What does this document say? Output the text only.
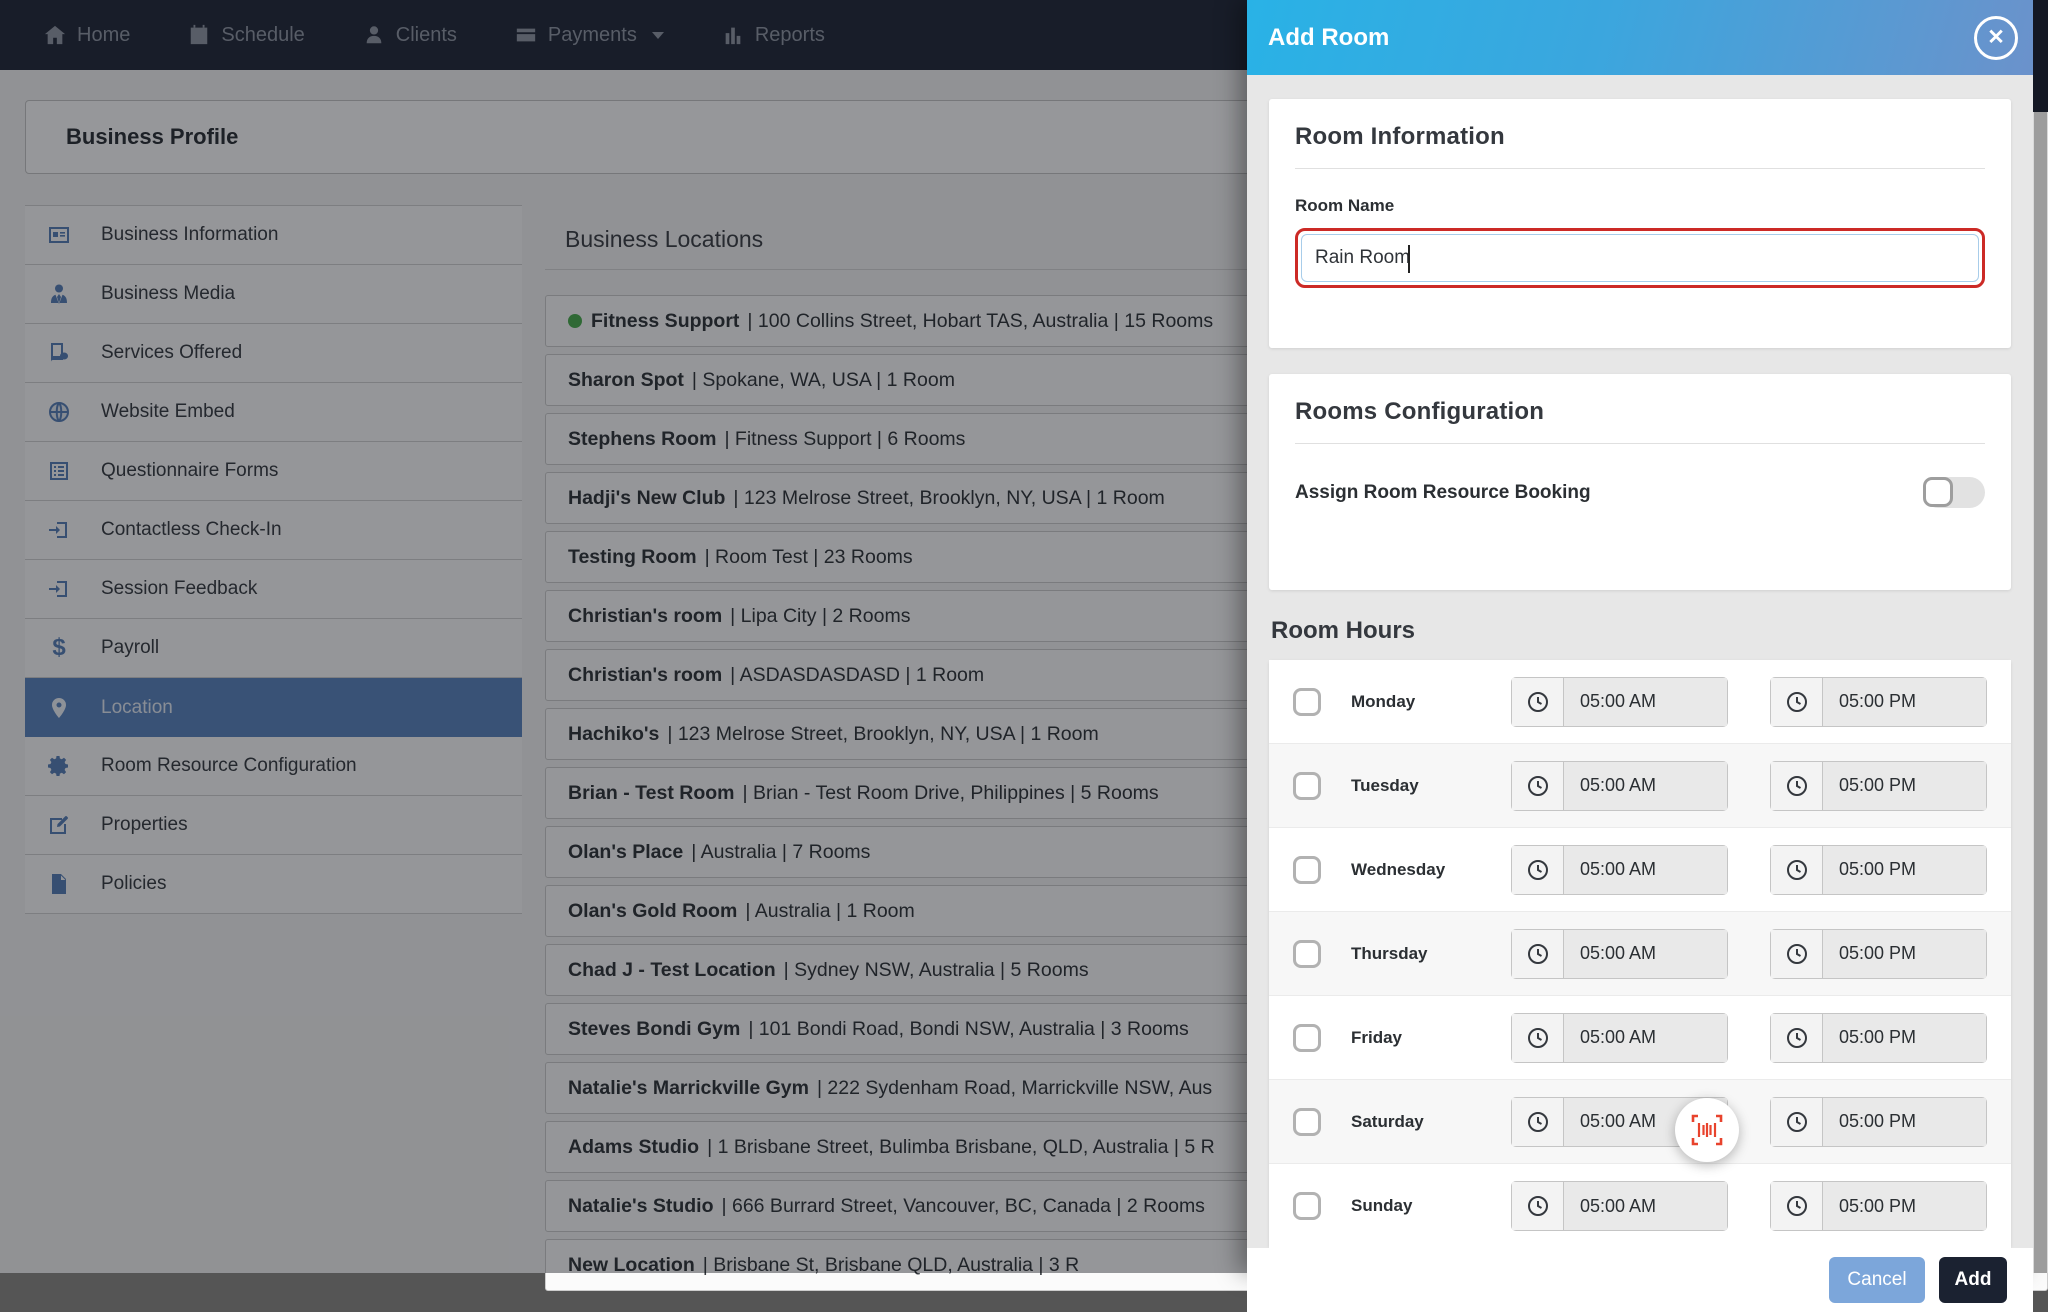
Home	Schedule	Clients	Payments	Reports
Business Profile
Business Information
Business Media
Services Offered
Website Embed
Questionnaire Forms
Contactless Check-In
Session Feedback
$	Payroll
Location
Room Resource Configuration
Properties
Policies
Business Locations
Fitness Support | 100 Collins Street, Hobart TAS, Australia | 15 Rooms
Sharon Spot | Spokane, WA, USA | 1 Room
Stephens Room | Fitness Support | 6 Rooms
Hadji's New Club | 123 Melrose Street, Brooklyn, NY, USA | 1 Room
Testing Room | Room Test | 23 Rooms
Christian's room | Lipa City | 2 Rooms
Christian's room | ASDASDASDASD | 1 Room
Hachiko's | 123 Melrose Street, Brooklyn, NY, USA | 1 Room
Brian - Test Room | Brian - Test Room Drive, Philippines | 5 Rooms
Olan's Place | Australia | 7 Rooms
Olan's Gold Room | Australia | 1 Room
Chad J - Test Location | Sydney NSW, Australia | 5 Rooms
Steves Bondi Gym | 101 Bondi Road, Bondi NSW, Australia | 3 Rooms
Natalie's Marrickville Gym | 222 Sydenham Road, Marrickville NSW, Aus
Adams Studio | 1 Brisbane Street, Bulimba Brisbane, QLD, Australia | 5 R
Natalie's Studio | 666 Burrard Street, Vancouver, BC, Canada | 2 Rooms
New Location | Brisbane St, Brisbane QLD, Australia | 3 R
Add Room	✕
Room Information
Room Name
Rain Room
Rooms Configuration
Assign Room Resource Booking
Room Hours
Monday	05:00 AM	05:00 PM
Tuesday	05:00 AM	05:00 PM
Wednesday	05:00 AM	05:00 PM
Thursday	05:00 AM	05:00 PM
Friday	05:00 AM	05:00 PM
Saturday	05:00 AM	05:00 PM
Sunday	05:00 AM	05:00 PM
Cancel	Add
